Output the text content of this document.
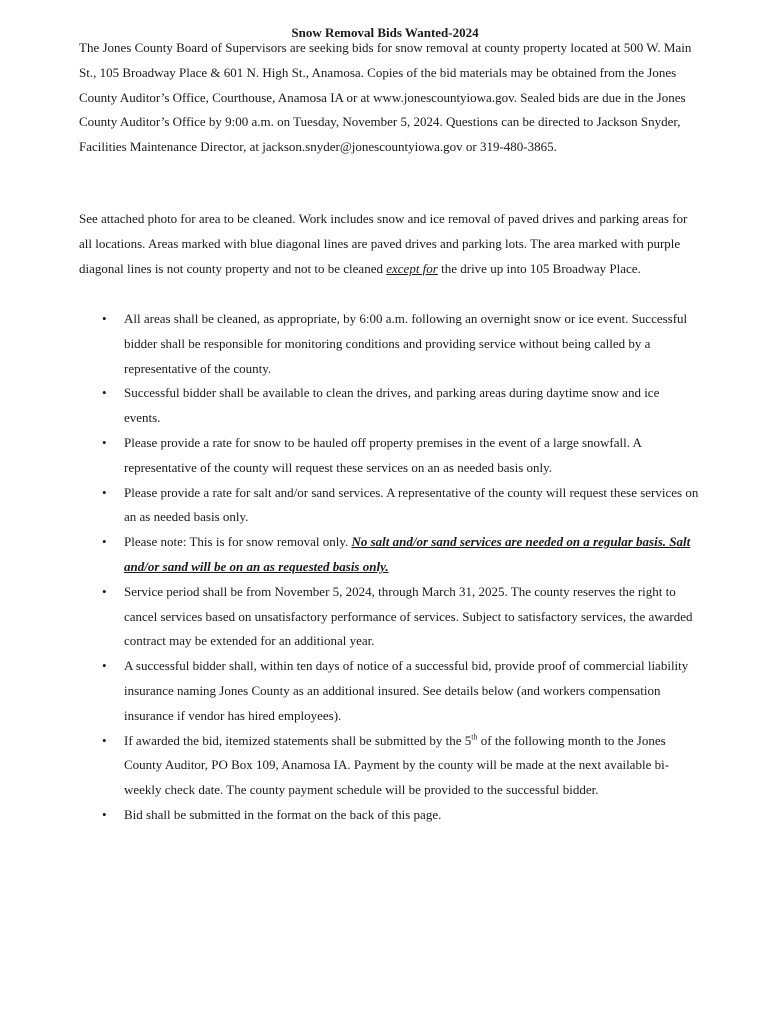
Snow Removal Bids Wanted-2024

The Jones County Board of Supervisors are seeking bids for snow removal at county property located at 500 W. Main St., 105 Broadway Place & 601 N. High St., Anamosa. Copies of the bid materials may be obtained from the Jones County Auditor’s Office, Courthouse, Anamosa IA or at www.jonescountyiowa.gov. Sealed bids are due in the Jones County Auditor’s Office by 9:00 a.m. on Tuesday, November 5, 2024. Questions can be directed to Jackson Snyder, Facilities Maintenance Director, at jackson.snyder@jonescountyiowa.gov or 319-480-3865.

See attached photo for area to be cleaned. Work includes snow and ice removal of paved drives and parking areas for all locations. Areas marked with blue diagonal lines are paved drives and parking lots. The area marked with purple diagonal lines is not county property and not to be cleaned except for the drive up into 105 Broadway Place.

•	All areas shall be cleaned, as appropriate, by 6:00 a.m. following an overnight snow or ice event. Successful bidder shall be responsible for monitoring conditions and providing service without being called by a representative of the county.
•	Successful bidder shall be available to clean the drives, and parking areas during daytime snow and ice events.
•	Please provide a rate for snow to be hauled off property premises in the event of a large snowfall. A representative of the county will request these services on an as needed basis only.
•	Please provide a rate for salt and/or sand services. A representative of the county will request these services on an as needed basis only.
•	Please note: This is for snow removal only. No salt and/or sand services are needed on a regular basis. Salt and/or sand will be on an as requested basis only.
•	Service period shall be from November 5, 2024, through March 31, 2025. The county reserves the right to cancel services based on unsatisfactory performance of services. Subject to satisfactory services, the awarded contract may be extended for an additional year.
•	A successful bidder shall, within ten days of notice of a successful bid, provide proof of commercial liability insurance naming Jones County as an additional insured. See details below (and workers compensation insurance if vendor has hired employees).
•	If awarded the bid, itemized statements shall be submitted by the 5th of the following month to the Jones County Auditor, PO Box 109, Anamosa IA. Payment by the county will be made at the next available bi-weekly check date. The county payment schedule will be provided to the successful bidder.
•	Bid shall be submitted in the format on the back of this page.
